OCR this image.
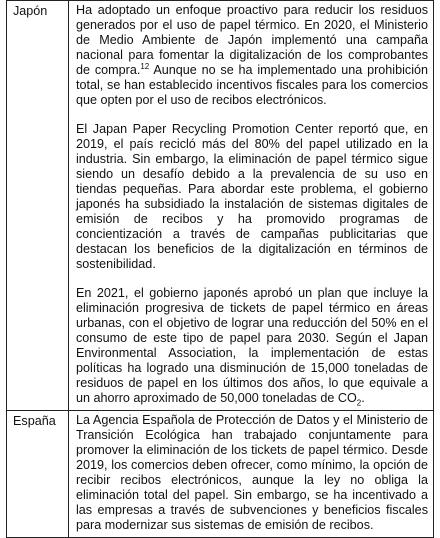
Japón	Ha adoptado un enfoque proactivo para reducir los residuos generados por el uso de papel térmico. En 2020, el Ministerio de Medio Ambiente de Japón implementó una campaña nacional para fomentar la digitalización de los comprobantes de compra.$^{12}$ Aunque no se ha implementado una prohibición total, se han establecido incentivos fiscales para los comercios que opten por el uso de recibos electrónicos.

El Japan Paper Recycling Promotion Center reportó que, en 2019, el país recicló más del 80% del papel utilizado en la industria. Sin embargo, la eliminación de papel térmico sigue siendo un desafío debido a la prevalencia de su uso en tiendas pequeñas. Para abordar este problema, el gobierno japonés ha subsidiado la instalación de sistemas digitales de emisión de recibos y ha promovido programas de concientización a través de campañas publicitarias que destacan los beneficios de la digitalización en términos de sostenibilidad.

En 2021, el gobierno japonés aprobó un plan que incluye la eliminación progresiva de tickets de papel térmico en áreas urbanas, con el objetivo de lograr una reducción del 50% en el consumo de este tipo de papel para 2030. Según el Japan Environmental Association, la implementación de estas políticas ha logrado una disminución de 15,000 toneladas de residuos de papel en los últimos dos años, lo que equivale a un ahorro aproximado de 50,000 toneladas de $CO_2$.

España	La Agencia Española de Protección de Datos y el Ministerio de Transición Ecológica han trabajado conjuntamente para promover la eliminación de los tickets de papel térmico. Desde 2019, los comercios deben ofrecer, como mínimo, la opción de recibir recibos electrónicos, aunque la ley no obliga la eliminación total del papel. Sin embargo, se ha incentivado a las empresas a través de subvenciones y beneficios fiscales para modernizar sus sistemas de emisión de recibos.
